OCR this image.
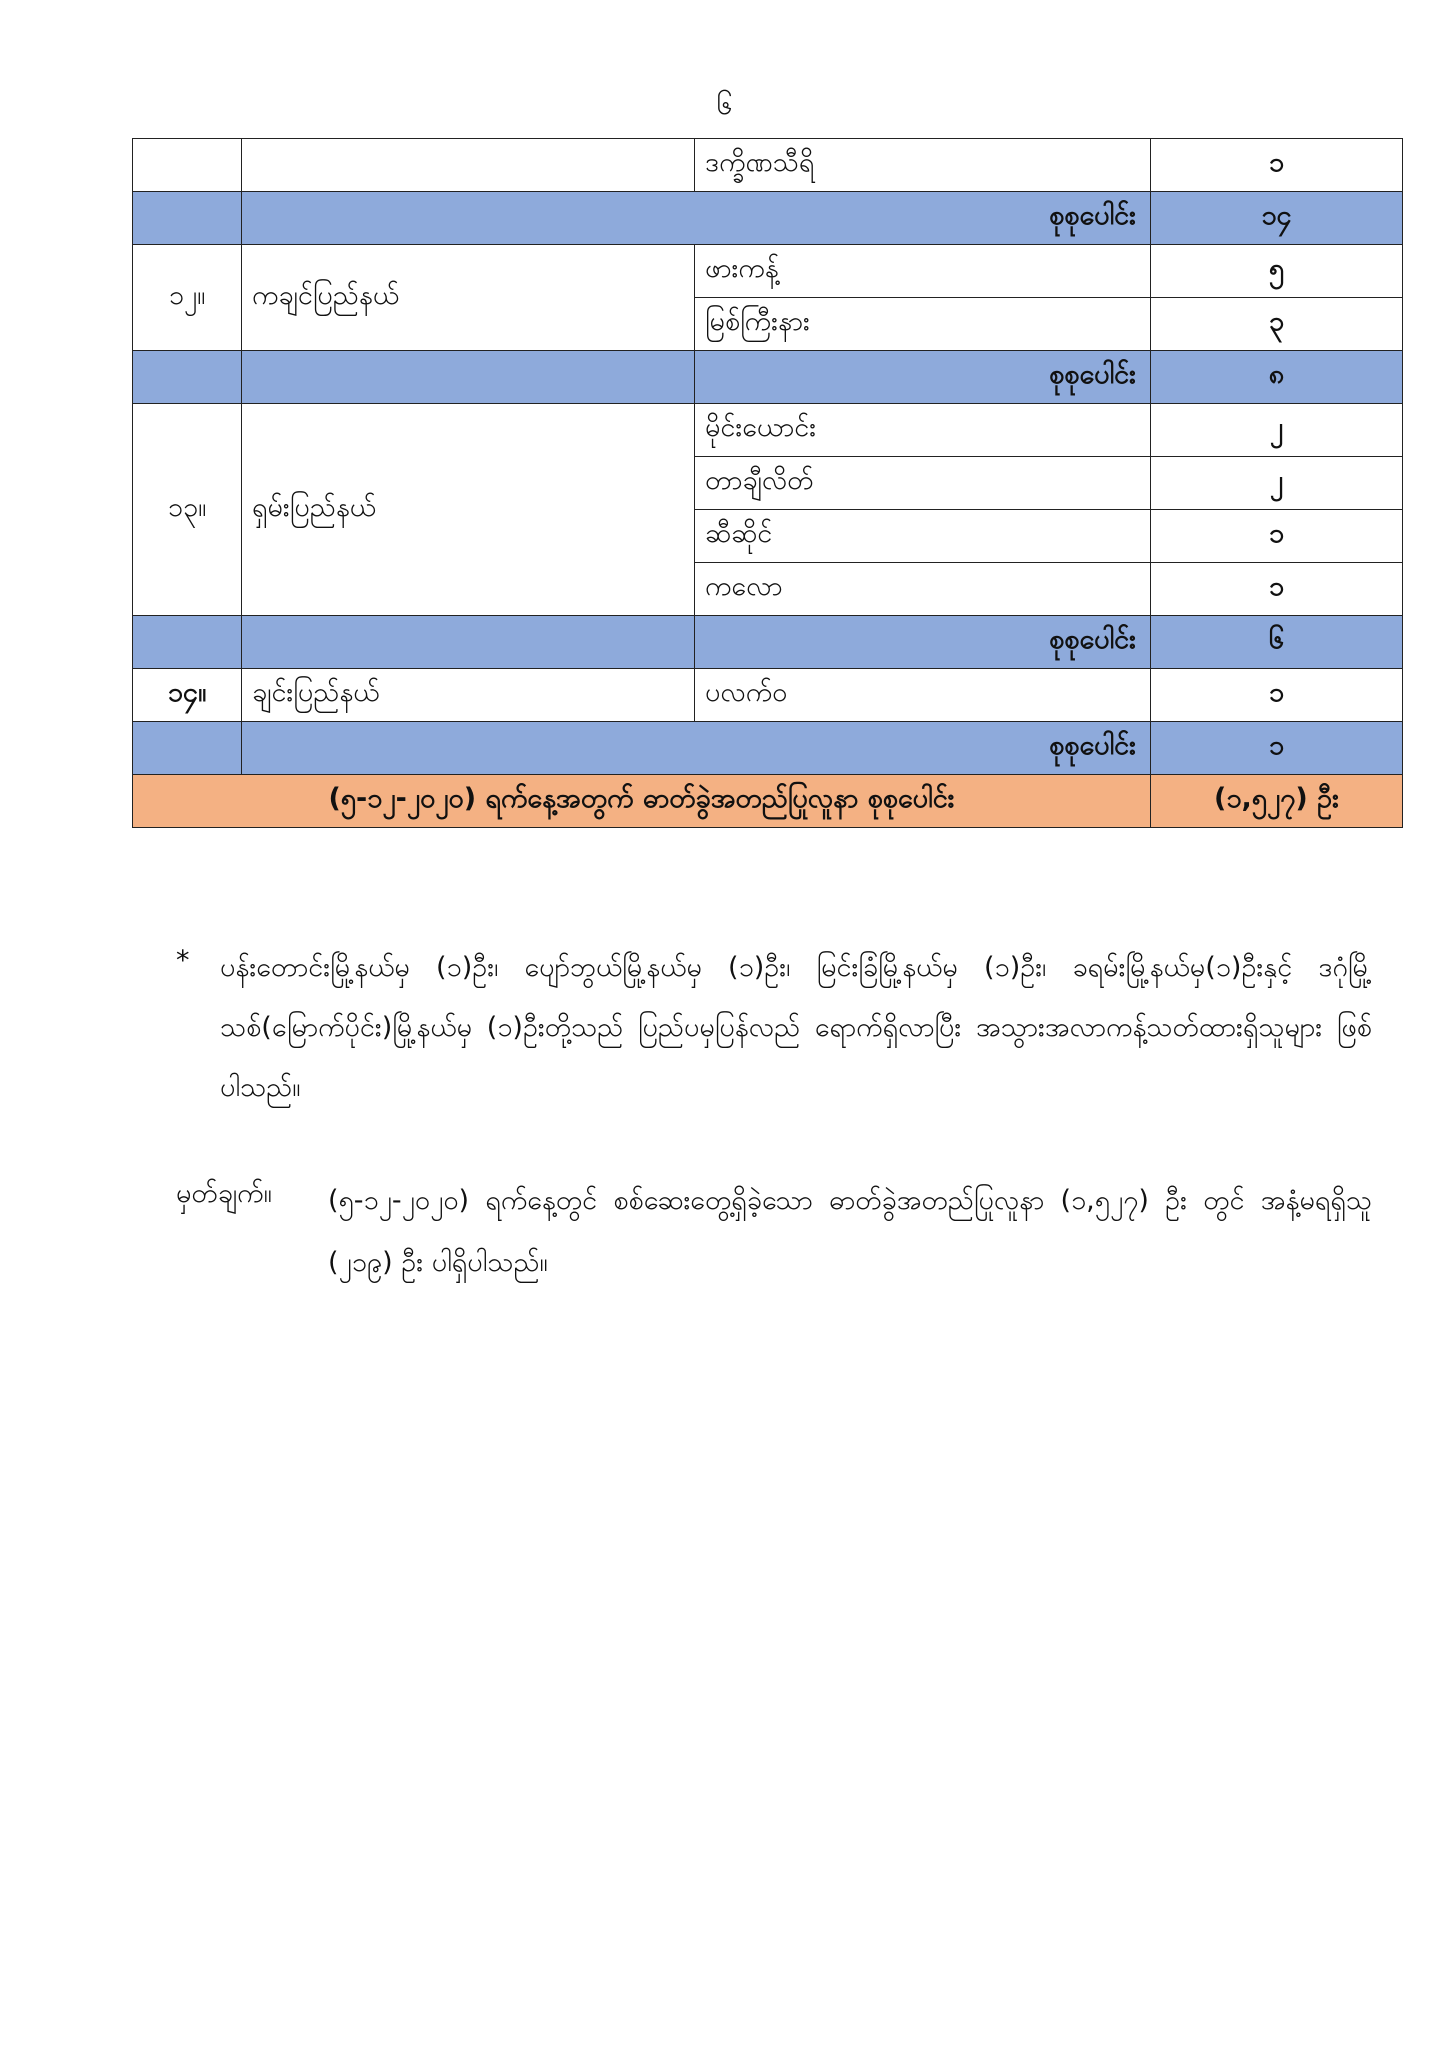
၆
		ဒက္ခိဏသီရိ	၁
	စုစုပေါင်း		၁၄
၁၂။	ကချင်ပြည်နယ်	ဖားကန့်	၅
		မြစ်ကြီးနား	၃
		စုစုပေါင်း	၈
၁၃။	ရှမ်းပြည်နယ်	မိုင်းယောင်း	၂
		တာချီလိတ်	၂
		ဆီဆိုင်	၁
		ကလော	၁
		စုစုပေါင်း	၆
၁၄။	ချင်းပြည်နယ်	ပလက်ဝ	၁
	စုစုပေါင်း		၁
(၅-၁၂-၂၀၂၀) ရက်နေ့အတွက် ဓာတ်ခွဲအတည်ပြုလူနာ စုစုပေါင်း			(၁,၅၂၇) ဦး
* ပန်းတောင်းမြို့နယ်မှ (၁)ဦး၊ ပျော်ဘွယ်မြို့နယ်မှ (၁)ဦး၊ မြင်းခြံမြို့နယ်မှ (၁)ဦး၊ ခရမ်းမြို့နယ်မှ(၁)ဦးနှင့် ဒဂုံမြို့သစ်(မြောက်ပိုင်း)မြို့နယ်မှ (၁)ဦးတို့သည် ပြည်ပမှပြန်လည် ရောက်ရှိလာပြီး အသွားအလာကန့်သတ်ထားရှိသူများ ဖြစ်ပါသည်။
မှတ်ချက်။ (၅-၁၂-၂၀၂၀) ရက်နေ့တွင် စစ်ဆေးတွေ့ရှိခဲ့သော ဓာတ်ခွဲအတည်ပြုလူနာ (၁,၅၂၇) ဦး တွင် အနံ့မရရှိသူ (၂၁၉) ဦး ပါရှိပါသည်။
